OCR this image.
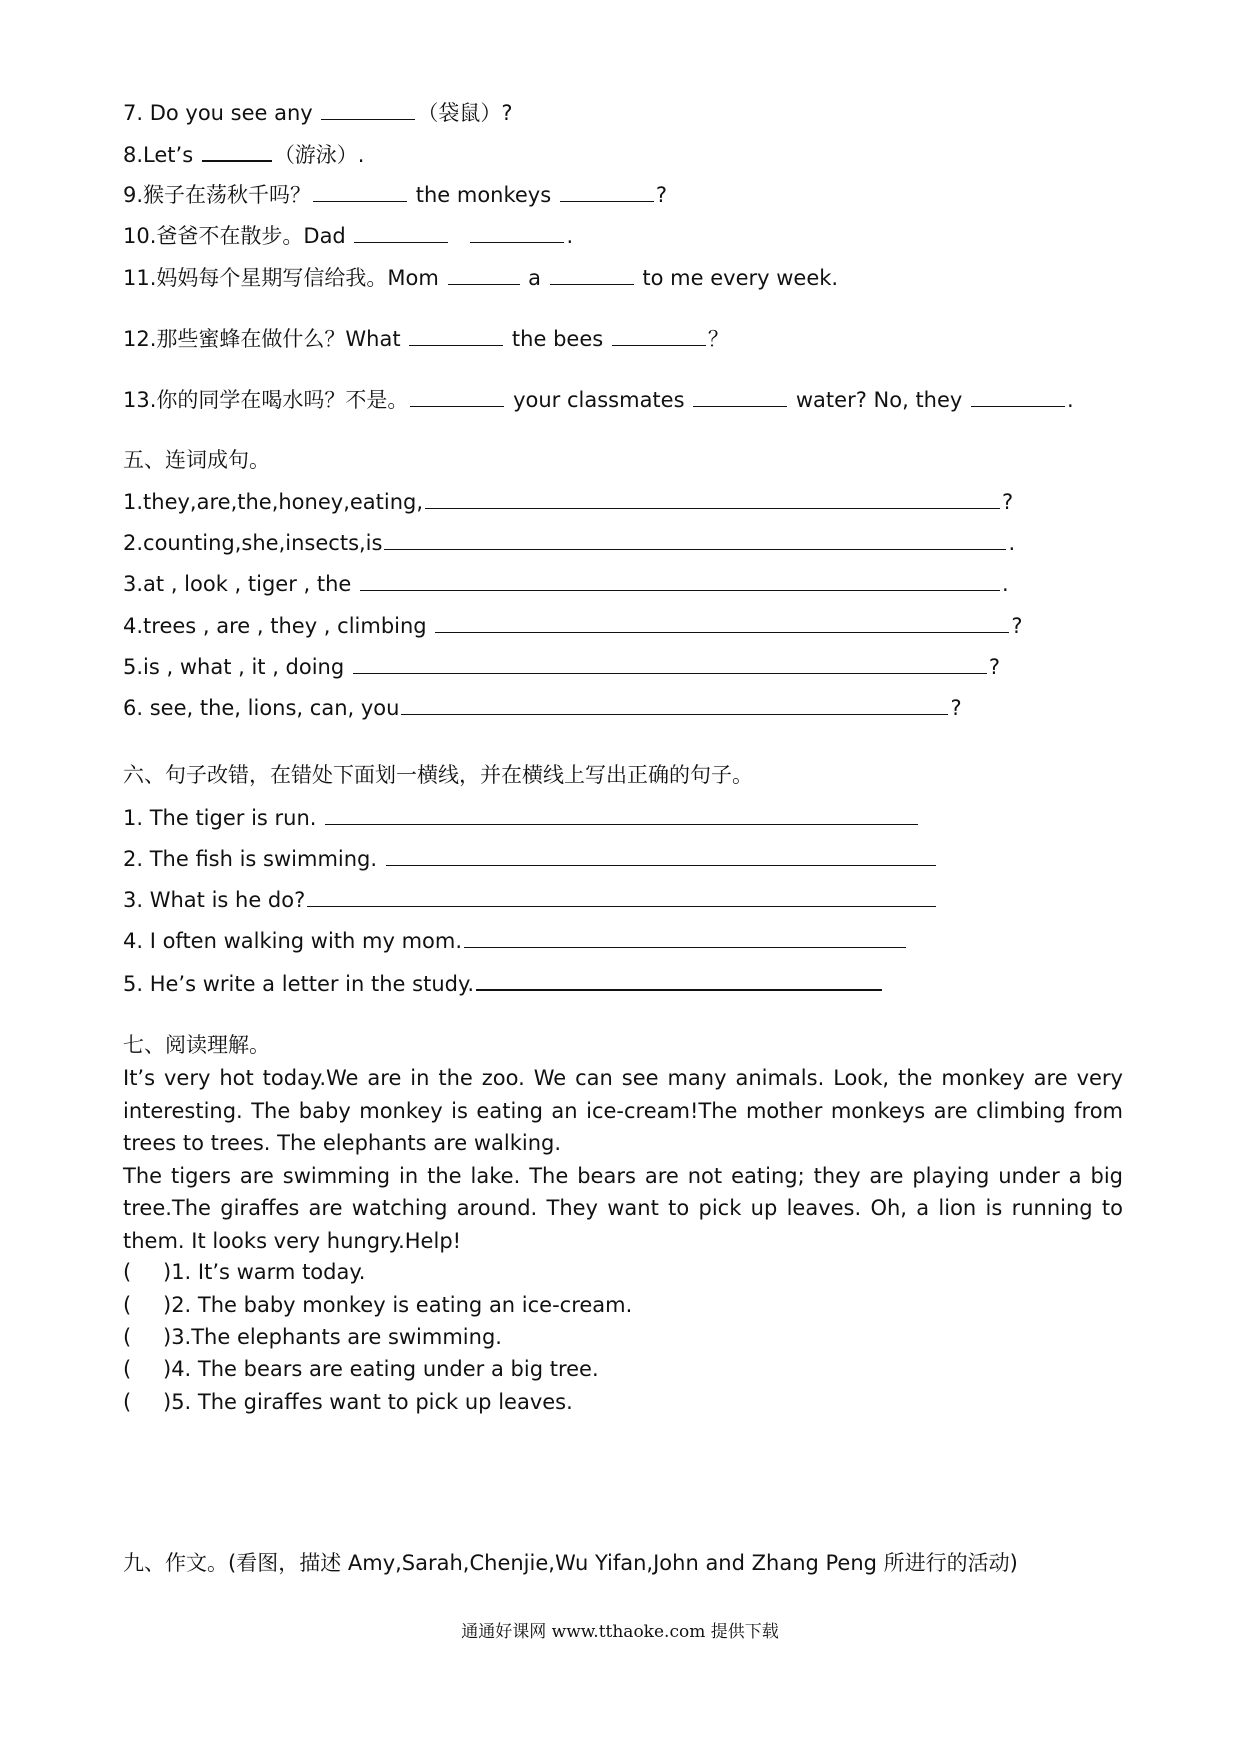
7. Do you see any	（袋鼠）?
8.Let’s	（游泳）.
9.猴子在荡秋千吗？	the monkeys	?
10.爸爸不在散步。Dad	.
11.妈妈每个星期写信给我。Mom	a	to me every week.
12.那些蜜蜂在做什么？What	the bees	？
13.你的同学在喝水吗？不是。	your classmates	water? No, they	.
五、连词成句。
1.they,are,the,honey,eating,	?
2.counting,she,insects,is	.
3.at , look , tiger , the	.
4.trees , are , they , climbing	?
5.is , what , it , doing	?
6. see, the, lions, can, you	?
六、句子改错，在错处下面划一横线，并在横线上写出正确的句子。
1. The tiger is run.
2. The fish is swimming.
3. What is he do?
4. I often walking with my mom.
5. He’s write a letter in the study.
七、阅读理解。

It’s very hot today.We are in the zoo. We can see many animals. Look, the monkey are very interesting. The baby monkey is eating an ice-cream!The mother monkeys are climbing from trees to trees. The elephants are walking.

The tigers are swimming in the lake. The bears are not eating; they are playing under a big tree.The giraffes are watching around. They want to pick up leaves. Oh, a lion is running to them. It looks very hungry.Help!

( )1. It’s warm today.
( )2. The baby monkey is eating an ice-cream.
( )3.The elephants are swimming.
( )4. The bears are eating under a big tree.
( )5. The giraffes want to pick up leaves.
九、作文。(看图，描述 Amy,Sarah,Chenjie,Wu Yifan,John and Zhang Peng 所进行的活动)
通通好课网 www.tthaoke.com 提供下载
